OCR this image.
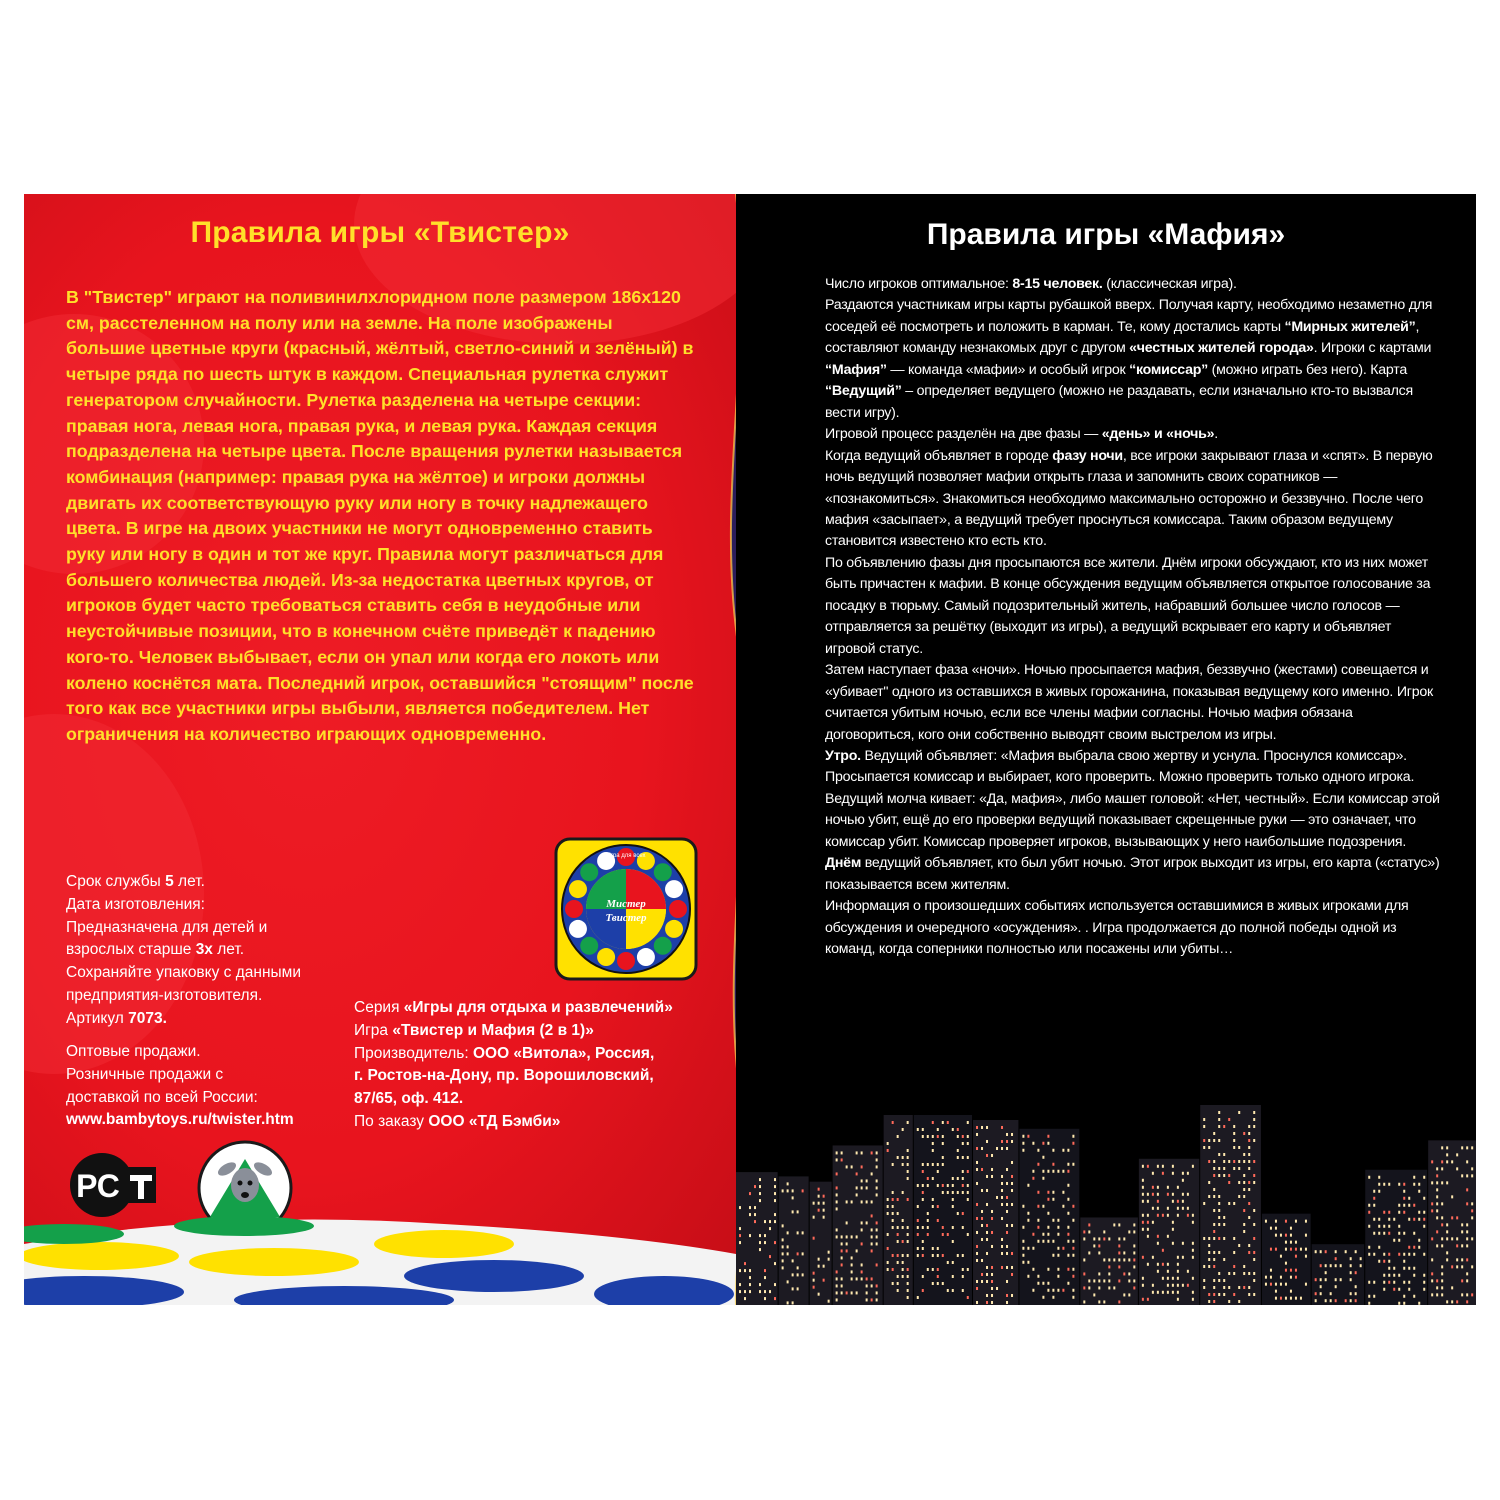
Правила игры «Твистер»

В "Твистер" играют на поливинилхлоридном поле размером 186х120 см, расстеленном на полу или на земле. На поле изображены большие цветные круги (красный, жёлтый, светло-синий и зелёный) в четыре ряда по шесть штук в каждом. Специальная рулетка служит генератором случайности. Рулетка разделена на четыре секции: правая нога, левая нога, правая рука, и левая рука. Каждая секция подразделена на четыре цвета. После вращения рулетки называется комбинация (например: правая рука на жёлтое) и игроки должны двигать их соответствующую руку или ногу в точку надлежащего цвета. В игре на двоих участники не могут одновременно ставить руку или ногу в один и тот же круг. Правила могут различаться для большего количества людей. Из-за недостатка цветных кругов, от игроков будет часто требоваться ставить себя в неудобные или неустойчивые позиции, что в конечном счёте приведёт к падению кого-то. Человек выбывает, если он упал или когда его локоть или колено коснётся мата. Последний игрок, оставшийся "стоящим" после того как все участники игры выбыли, является победителем. Нет ограничения на количество играющих одновременно.

Срок службы 5 лет.
Дата изготовления:
Предназначена для детей и
взрослых старше 3х лет.
Сохраняйте упаковку с данными
предприятия-изготовителя.
Артикул 7073.
Оптовые продажи.
Розничные продажи с
доставкой по всей России:
www.bambytoys.ru/twister.htm
Серия «Игры для отдыха и развлечений»
Игра «Твистер и Мафия (2 в 1)»
Производитель: ООО «Витола», Россия,
г. Ростов-на-Дону, пр. Ворошиловский,
87/65, оф. 412.
По заказу ООО «ТД Бэмби»
Мистер
Твистер
Игра для всех
РС
Правила игры «Мафия»

Число игроков оптимальное: 8-15 человек. (классическая игра).

Раздаются участникам игры карты рубашкой вверх. Получая карту, необходимо незаметно для соседей её посмотреть и положить в карман. Те, кому достались карты “Мирных жителей”, составляют команду незнакомых друг с другом «честных жителей города». Игроки с картами “Мафия” — команда «мафии» и особый игрок “комиссар” (можно играть без него). Карта “Ведущий” – определяет ведущего (можно не раздавать, если изначально кто-то вызвался вести игру).

Игровой процесс разделён на две фазы — «день» и «ночь».

Когда ведущий объявляет в городе фазу ночи, все игроки закрывают глаза и «спят». В первую ночь ведущий позволяет мафии открыть глаза и запомнить своих соратников — «познакомиться». Знакомиться необходимо максимально осторожно и беззвучно. После чего мафия «засыпает», а ведущий требует проснуться комиссара. Таким образом ведущему становится известено кто есть кто.

По объявлению фазы дня просыпаются все жители. Днём игроки обсуждают, кто из них может быть причастен к мафии. В конце обсуждения ведущим объявляется открытое голосование за посадку в тюрьму. Самый подозрительный житель, набравший большее число голосов — отправляется за решётку (выходит из игры), а ведущий вскрывает его карту и объявляет игровой статус.

Затем наступает фаза «ночи». Ночью просыпается мафия, беззвучно (жестами) совещается и «убивает" одного из оставшихся в живых горожанина, показывая ведущему кого именно. Игрок считается убитым ночью, если все члены мафии согласны. Ночью мафия обязана договориться, кого они собственно выводят своим выстрелом из игры.

Утро. Ведущий объявляет: «Мафия выбрала свою жертву и уснула. Проснулся комиссар». Просыпается комиссар и выбирает, кого проверить. Можно проверить только одного игрока. Ведущий молча кивает: «Да, мафия», либо машет головой: «Нет, честный». Если комиссар этой ночью убит, ещё до его проверки ведущий показывает скрещенные руки — это означает, что комиссар убит. Комиссар проверяет игроков, вызывающих у него наибольшие подозрения.

Днём ведущий объявляет, кто был убит ночью. Этот игрок выходит из игры, его карта («статус») показывается всем жителям.

Информация о произошедших событиях используется оставшимися в живых игроками для обсуждения и очередного «осуждения». . Игра продолжается до полной победы одной из команд, когда соперники полностью или посажены или убиты…
